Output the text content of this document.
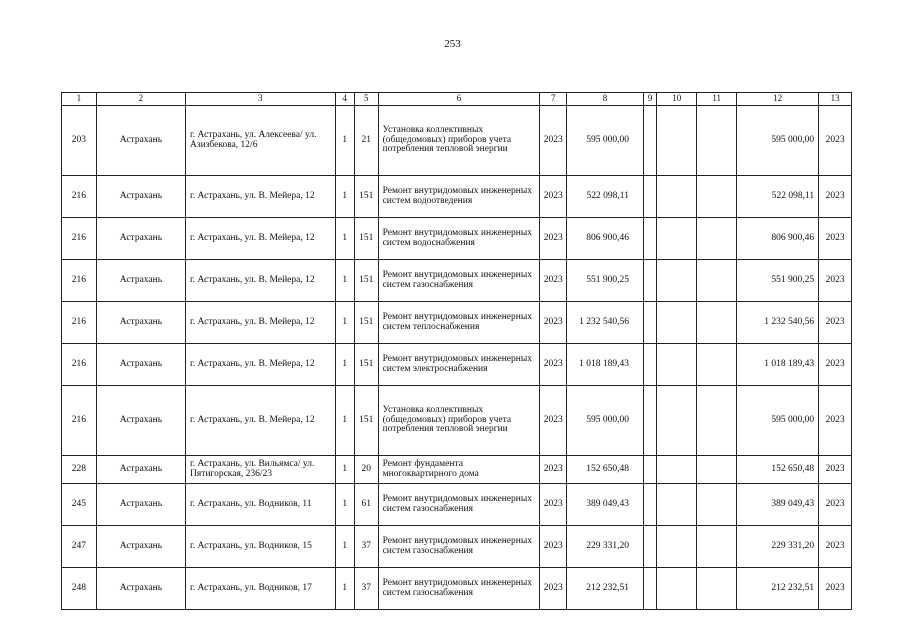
253
1	2	3	4	5	6	7	8	9	10	11	12	13
203	Астрахань	г. Астрахань, ул. Алексеева/ ул. Азизбекова, 12/6	1	21	Установка коллективных (общедомовых) приборов учета потребления тепловой энергии	2023	595 000,00				595 000,00	2023
216	Астрахань	г. Астрахань, ул. В. Мейера, 12	1	151	Ремонт внутридомовых инженерных систем водоотведения	2023	522 098,11				522 098,11	2023
216	Астрахань	г. Астрахань, ул. В. Мейера, 12	1	151	Ремонт внутридомовых инженерных систем водоснабжения	2023	806 900,46				806 900,46	2023
216	Астрахань	г. Астрахань, ул. В. Мейера, 12	1	151	Ремонт внутридомовых инженерных систем газоснабжения	2023	551 900,25				551 900,25	2023
216	Астрахань	г. Астрахань, ул. В. Мейера, 12	1	151	Ремонт внутридомовых инженерных систем теплоснабжения	2023	1 232 540,56				1 232 540,56	2023
216	Астрахань	г. Астрахань, ул. В. Мейера, 12	1	151	Ремонт внутридомовых инженерных систем электроснабжения	2023	1 018 189,43				1 018 189,43	2023
216	Астрахань	г. Астрахань, ул. В. Мейера, 12	1	151	Установка коллективных (общедомовых) приборов учета потребления тепловой энергии	2023	595 000,00				595 000,00	2023
228	Астрахань	г. Астрахань, ул. Вильямса/ ул. Пятигорская, 236/23	1	20	Ремонт фундамента многоквартирного дома	2023	152 650,48				152 650,48	2023
245	Астрахань	г. Астрахань, ул. Водников, 11	1	61	Ремонт внутридомовых инженерных систем газоснабжения	2023	389 049,43				389 049,43	2023
247	Астрахань	г. Астрахань, ул. Водников, 15	1	37	Ремонт внутридомовых инженерных систем газоснабжения	2023	229 331,20				229 331,20	2023
248	Астрахань	г. Астрахань, ул. Водников, 17	1	37	Ремонт внутридомовых инженерных систем газоснабжения	2023	212 232,51				212 232,51	2023
